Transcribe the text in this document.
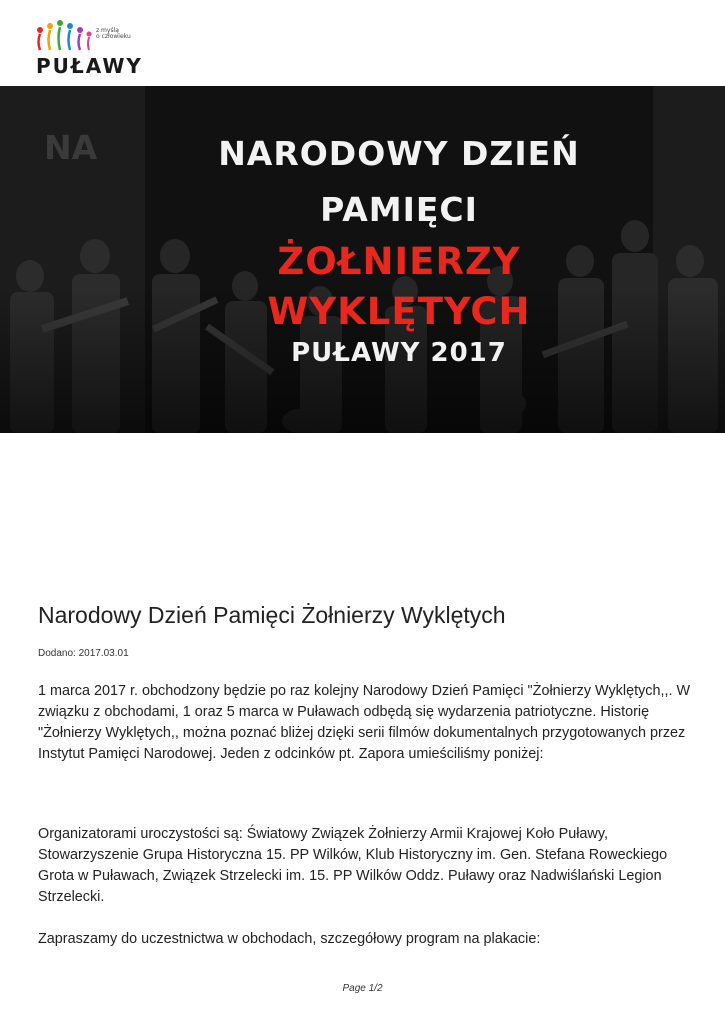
z myślą
o człowieku
PUŁAWY
NA	NARODOWY DZIEŃ
PAMIĘCI
ŻOŁNIERZY
WYKLĘTYCH
PUŁAWY 2017
Narodowy Dzień Pamięci Żołnierzy Wyklętych
Dodano: 2017.03.01

1 marca 2017 r. obchodzony będzie po raz kolejny Narodowy Dzień Pamięci "Żołnierzy Wyklętych,,. W związku z obchodami, 1 oraz 5 marca w Puławach odbędą się wydarzenia patriotyczne. Historię "Żołnierzy Wyklętych,, można poznać bliżej dzięki serii filmów dokumentalnych przygotowanych przez Instytut Pamięci Narodowej. Jeden z odcinków pt. Zapora umieściliśmy poniżej:

Organizatorami uroczystości są: Światowy Związek Żołnierzy Armii Krajowej Koło Puławy, Stowarzyszenie Grupa Historyczna 15. PP Wilków, Klub Historyczny im. Gen. Stefana Roweckiego Grota w Puławach, Związek Strzelecki im. 15. PP Wilków Oddz. Puławy oraz Nadwiślański Legion Strzelecki.

Zapraszamy do uczestnictwa w obchodach, szczegółowy program na plakacie:

Page 1/2
